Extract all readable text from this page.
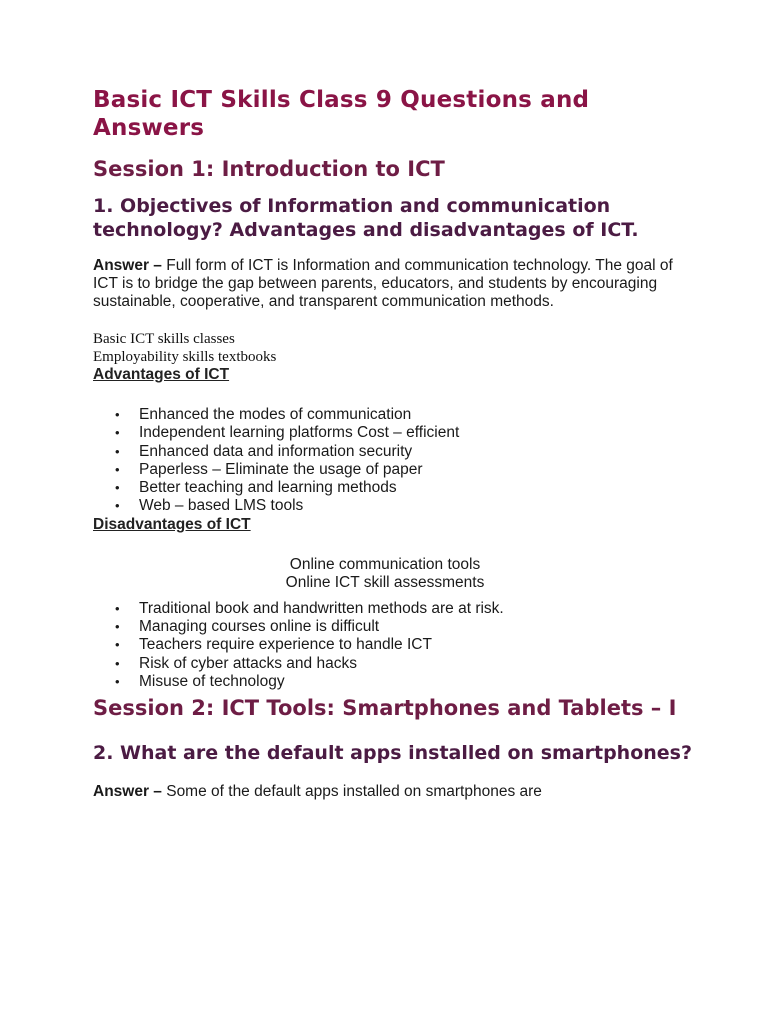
Basic ICT Skills Class 9 Questions and Answers
Session 1: Introduction to ICT
1. Objectives of Information and communication technology? Advantages and disadvantages of ICT.

Answer – Full form of ICT is Information and communication technology. The goal of ICT is to bridge the gap between parents, educators, and students by encouraging sustainable, cooperative, and transparent communication methods.

Basic ICT skills classes

Employability skills textbooks

Advantages of ICT

• Enhanced the modes of communication
• Independent learning platforms Cost – efficient
• Enhanced data and information security
• Paperless – Eliminate the usage of paper
• Better teaching and learning methods
• Web – based LMS tools

Disadvantages of ICT

Online communication tools
Online ICT skill assessments
• Traditional book and handwritten methods are at risk.
• Managing courses online is difficult
• Teachers require experience to handle ICT
• Risk of cyber attacks and hacks
• Misuse of technology
Session 2: ICT Tools: Smartphones and Tablets – I
2. What are the default apps installed on smartphones?

Answer – Some of the default apps installed on smartphones are
